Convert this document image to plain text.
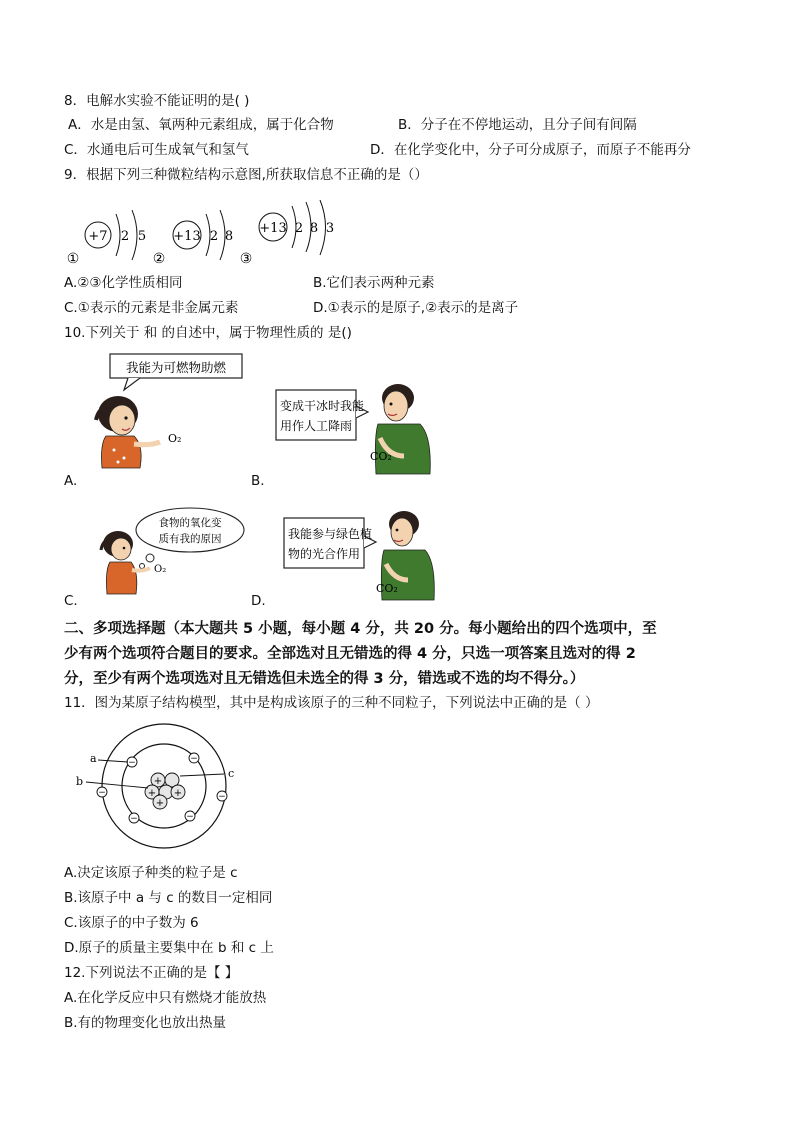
8．电解水实验不能证明的是( )
A．水是由氢、氧两种元素组成，属于化合物	B．分子在不停地运动，且分子间有间隔
C．水通电后可生成氧气和氢气	D．在化学变化中，分子可分成原子，而原子不能再分
9．根据下列三种微粒结构示意图,所获取信息不正确的是（）
+7 2 5
①
+13 2 8
②
+13 2 8 3
③
A.②③化学性质相同	B.它们表示两种元素
C.①表示的元素是非金属元素	D.①表示的是原子,②表示的是离子
10.下列关于 和 的自述中，属于物理性质的 是()
我能为可燃物助燃
O₂
A.
变成干冰时我能
用作人工降雨
CO₂
B.
食物的氧化变
质有我的原因
O₂
C.
我能参与绿色植
物的光合作用
CO₂
D.
二、多项选择题（本大题共 5 小题，每小题 4 分，共 20 分。每小题给出的四个选项中，至
少有两个选项符合题目的要求。全部选对且无错选的得 4 分，只选一项答案且选对的得 2
分，至少有两个选项选对且无错选但未选全的得 3 分，错选或不选的均不得分。）
11．图为某原子结构模型，其中是构成该原子的三种不同粒子，下列说法中正确的是（ ）
+
+ +
+
−	−
−	−
−	−
a
b
c
A.决定该原子种类的粒子是 c
B.该原子中 a 与 c 的数目一定相同
C.该原子的中子数为 6
D.原子的质量主要集中在 b 和 c 上
12.下列说法不正确的是【 】
A.在化学反应中只有燃烧才能放热
B.有的物理变化也放出热量
